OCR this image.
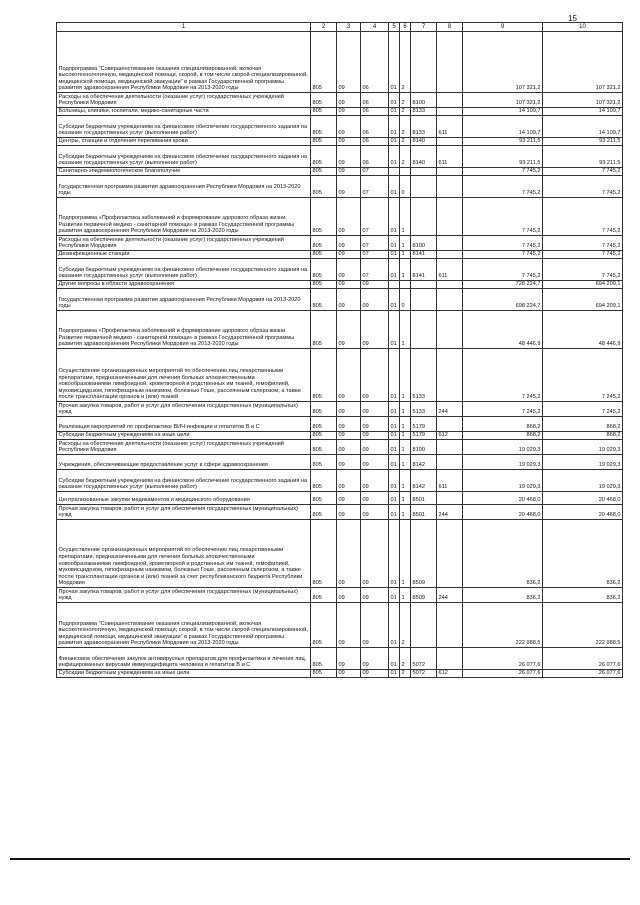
15
1	2	3	4	5	6	7	8	9	10
Подпрограмма "Совершенствование оказания специализированной, включая высокотехнологичную, медицинской помощи, скорой, в том числе скорой специализированной, медицинской помощи, медицинской эвакуации" в рамках Государственной программы развития здравоохранения Республики Мордовия на 2013-2020 годы	805	09	06	01	2			107 321,2	107 321,2
Расходы на обеспечение деятельности (оказание услуг) государственных учреждений Республики Мордовия	805	09	06	01	2	8100		107 321,2	107 321,2
Больницы, клиники, госпитали, медико-санитарные части	805	09	06	01	2	8133		14 109,7	14 109,7
Субсидии бюджетным учреждениям на финансовое обеспечение государственного задания на оказание государственных услуг (выполнение работ)	805	09	06	01	2	8133	611	14 109,7	14 109,7
Центры, станции и отделения переливания крови	805	09	06	01	2	8140		93 211,5	93 211,5
Субсидии бюджетным учреждениям на финансовое обеспечение государственного задания на оказание государственных услуг (выполнение работ)	805	09	06	01	2	8140	611	93 211,5	93 211,5
Санитарно-эпидемиологическое благополучие	805	09	07					7 745,2	7 745,2
Государственная программа развития здравоохранения Республики Мордовия на 2013-2020 годы	805	09	07	01	0			7 745,2	7 745,2
Подпрограмма «Профилактика заболеваний и формирование здорового образа жизни. Развитие первичной медико - санитарной помощи» в рамках Государственной программы развития здравоохранения Республики Мордовия на 2013-2020 годы	805	09	07	01	1			7 745,2	7 745,2
Расходы на обеспечение деятельности (оказание услуг) государственных учреждений Республики Мордовия	805	09	07	01	1	8100		7 745,2	7 745,2
Дезинфекционные станции	805	09	07	01	1	8141		7 745,2	7 745,2
Субсидии бюджетным учреждениям на финансовое обеспечение государственного задания на оказание государственных услуг (выполнение работ)	805	09	07	01	1	8141	611	7 745,2	7 745,2
Другие вопросы в области здравоохранения	805	09	09					728 224,7	694 209,1
Государственная программа развития здравоохранения Республики Мордовия на 2013-2020 годы	805	09	09	01	0			698 224,7	694 209,1
Подпрограмма «Профилактика заболеваний и формирование здорового образа жизни. Развитие первичной медико - санитарной помощи» в рамках Государственной программы развития здравоохранения Республики Мордовия на 2013-2020 годы	805	09	09	01	1			48 446,9	48 446,9
Осуществление организационных мероприятий по обеспечению лиц лекарственными препаратами, предназначенными для лечения больных злокачественными новообразованиями лимфоидной, кроветворной и родственных им тканей, гемофилией, муковисцидозом, гипофизарным нанизмом, болезнью Гоше, рассеянным склерозом, а также после трансплантации органов и (или) тканей	805	09	09	01	1	5133		7 245,2	7 245,2
Прочая закупка товаров, работ и услуг для обеспечения государственных (муниципальных) нужд	805	09	09	01	1	5133	244	7 245,2	7 245,2
Реализация мероприятий по профилактике ВИЧ-инфекции и гепатитов В и С	805	09	09	01	1	5179		868,2	868,2
Субсидии бюджетным учреждениям на иные цели	805	09	09	01	1	5179	612	868,2	868,2
Расходы на обеспечение деятельности (оказание услуг) государственных учреждений Республики Мордовия	805	09	09	01	1	8100		19 029,3	19 029,3
Учреждения, обеспечивающие предоставление услуг в сфере здравоохранения	805	09	09	01	1	8142		19 029,3	19 029,3
Субсидии бюджетным учреждениям на финансовое обеспечение государственного задания на оказание государственных услуг (выполнение работ)	805	09	09	01	1	8142	611	19 029,3	19 029,3
Централизованные закупки медикаментов и медицинского оборудования	805	09	09	01	1	8501		20 468,0	20 468,0
Прочая закупка товаров, работ и услуг для обеспечения государственных (муниципальных) нужд	805	09	09	01	1	8501	244	20 468,0	20 468,0
Осуществление организационных мероприятий по обеспечению лиц лекарственными препаратами, предназначенными для лечения больных злокачественными новообразованиями лимфоидной, кроветворной и родственных им тканей, гемофилией, муковисцидозом, гипофизарным нанизмом, болезнью Гоше, рассеянным склерозом, а также после трансплантации органов и (или) тканей за счет республиканского бюджета Республики Мордовия	805	09	09	01	1	8509		836,2	836,2
Прочая закупка товаров, работ и услуг для обеспечения государственных (муниципальных) нужд	805	09	09	01	1	8509	244	836,2	836,2
Подпрограмма "Совершенствование оказания специализированной, включая высокотехнологичную, медицинской помощи, скорой, в том числе скорой специализированной, медицинской помощи, медицинской эвакуации" в рамках Государственной программы развития здравоохранения Республики Мордовия на 2013-2020 годы	805	09	09	01	2			222 988,5	222 988,5
Финансовое обеспечение закупок антивирусных препаратов для профилактики и лечения лиц, инфицированных вирусами иммунодефицита человека и гепатитов В и С	805	09	09	01	2	5072		26 077,6	26 077,6
Субсидии бюджетным учреждениям на иные цели	805	09	09	01	2	5072	612	26 077,6	26 077,6
